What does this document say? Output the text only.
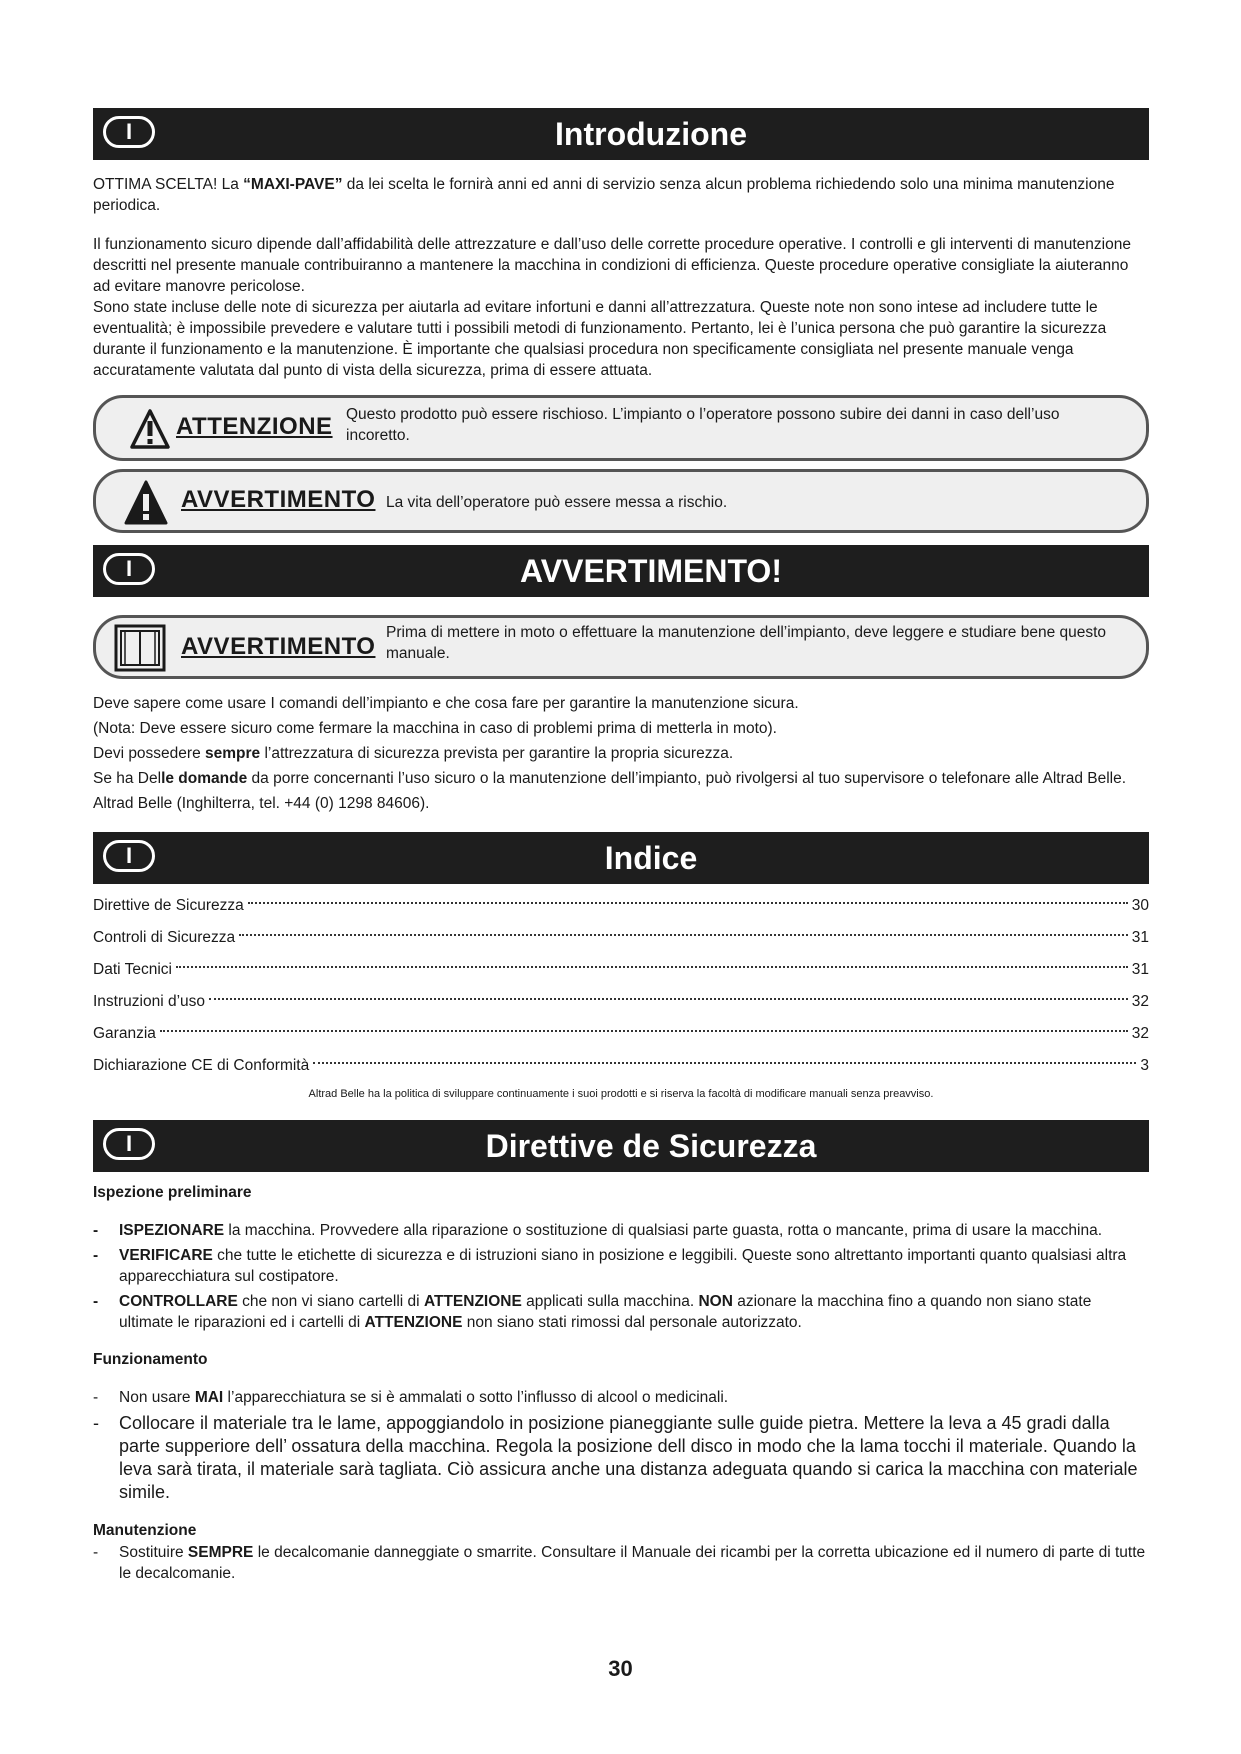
I	Introduzione

OTTIMA SCELTA! La “MAXI-PAVE” da lei scelta le fornirà anni ed anni di servizio senza alcun problema richiedendo solo una minima manutenzione periodica.

Il funzionamento sicuro dipende dall’affidabilità delle attrezzature e dall’uso delle corrette procedure operative. I controlli e gli interventi di manutenzione descritti nel presente manuale contribuiranno a mantenere la macchina in condizioni di efficienza. Queste procedure operative consigliate la aiuteranno ad evitare manovre pericolose.

Sono state incluse delle note di sicurezza per aiutarla ad evitare infortuni e danni all’attrezzatura. Queste note non sono intese ad includere tutte le eventualità; è impossibile prevedere e valutare tutti i possibili metodi di funzionamento. Pertanto, lei è l’unica persona che può garantire la sicurezza durante il funzionamento e la manutenzione. È importante che qualsiasi procedura non specificamente consigliata nel presente manuale venga accuratamente valutata dal punto di vista della sicurezza, prima di essere attuata.

ATTENZIONE Questo prodotto può essere rischioso. L’impianto o l’operatore possono subire dei danni in caso dell’uso incoretto.
AVVERTIMENTO La vita dell’operatore può essere messa a rischio.
I	AVVERTIMENTO!
AVVERTIMENTO
Prima di mettere in moto o effettuare la manutenzione dell’impianto, deve leggere e studiare bene questo manuale.

Deve sapere come usare I comandi dell’impianto e che cosa fare per garantire la manutenzione sicura.

(Nota: Deve essere sicuro come fermare la macchina in caso di problemi prima di metterla in moto).

Devi possedere sempre l’attrezzatura di sicurezza prevista per garantire la propria sicurezza.

Se ha Delle domande da porre concernanti l’uso sicuro o la manutenzione dell’impianto, può rivolgersi al tuo supervisore o telefonare alle Altrad Belle. Altrad Belle (Inghilterra, tel. +44 (0) 1298 84606).

I	Indice
Direttive de Sicurezza	30
Controli di Sicurezza	31
Dati Tecnici	31
Instruzioni d’uso	32
Garanzia	32
Dichiarazione CE di Conformità	3
Altrad Belle ha la politica di sviluppare continuamente i suoi prodotti e si riserva la facoltà di modificare manuali senza preavviso.
I	Direttive de Sicurezza
Ispezione preliminare
- ISPEZIONARE la macchina. Provvedere alla riparazione o sostituzione di qualsiasi parte guasta, rotta o mancante, prima di usare la macchina.
- VERIFICARE che tutte le etichette di sicurezza e di istruzioni siano in posizione e leggibili. Queste sono altrettanto importanti quanto qualsiasi altra apparecchiatura sul costipatore.
- CONTROLLARE che non vi siano cartelli di ATTENZIONE applicati sulla macchina. NON azionare la macchina fino a quando non siano state ultimate le riparazioni ed i cartelli di ATTENZIONE non siano stati rimossi dal personale autorizzato.
Funzionamento
- Non usare MAI l’apparecchiatura se si è ammalati o sotto l’influsso di alcool o medicinali.
- Collocare il materiale tra le lame, appoggiandolo in posizione pianeggiante sulle guide pietra. Mettere la leva a 45 gradi dalla parte supperiore dell’ ossatura della macchina. Regola la posizione dell disco in modo che la lama tocchi il materiale. Quando la leva sarà tirata, il materiale sarà tagliata. Ciò assicura anche una distanza adeguata quando si carica la macchina con materiale simile.
Manutenzione
- Sostituire SEMPRE le decalcomanie danneggiate o smarrite. Consultare il Manuale dei ricambi per la corretta ubicazione ed il numero di parte di tutte le decalcomanie.
30
